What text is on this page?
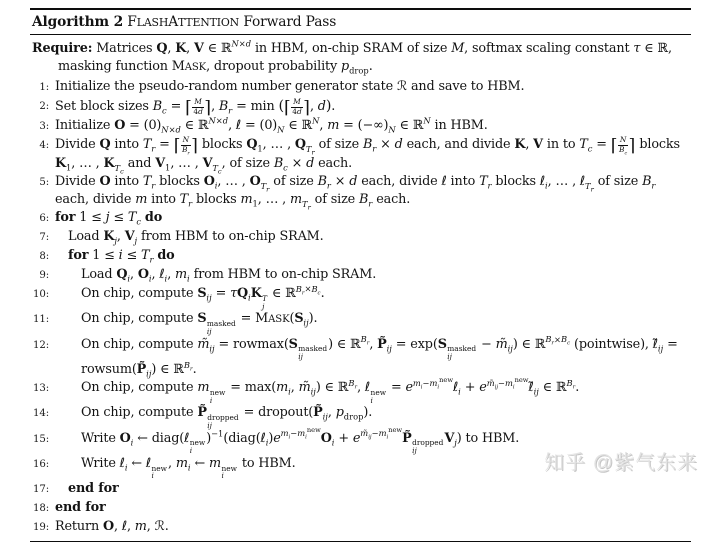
Algorithm 2 FLASHATTENTION Forward Pass
Require: Matrices Q, K, V ∈ ℝ$^{N\times d}$ in HBM, on-chip SRAM of size M, softmax scaling constant τ ∈ ℝ, masking function MASK, dropout probability $p_{drop}$.
1: Initialize the pseudo-random number generator state ℛ and save to HBM.
2: Set block sizes $B_c$ = ⌈ $\frac{M}{4d}$ ⌉, $B_r = \min$ (⌈ $\frac{M}{4d}$ ⌉, d).
3: Initialize $O = (0)_{N\times d}$ ∈ ℝ$^{N\times d}$, ℓ = $(0)_N$ ∈ ℝ$^N$, $m = (-\infty)_N$ ∈ ℝ$^N$ in HBM.
4: Divide Q into $T_r$ = ⌈ $\frac{N}{B_r}$ ⌉ blocks $Q_1$, … , $Q_{T_r}$ of size $B_r \times d$ each, and divide K, V in to $T_c$ = ⌈ $\frac{N}{B_c}$ ⌉ blocks $K_1$, … , $K_{T_c}$ and $V_1$, … , $V_{T_c}$, of size $B_c \times d$ each.
5: Divide O into $T_r$ blocks $O_i$, … , $O_{T_r}$ of size $B_r \times d$ each, divide ℓ into $T_r$ blocks ℓ$_i$, … , ℓ$_{T_r}$ of size $B_r$ each, divide m into $T_r$ blocks $m_1$, … , $m_{T_r}$ of size $B_r$ each.
6: for $1 \le j \le T_c$ do
7:	Load $K_j$, $V_j$ from HBM to on-chip SRAM.
8:	for $1 \le i \le T_r$ do
9:	Load $Q_i$, $O_i$, ℓ$_i$, $m_i$ from HBM to on-chip SRAM.
10:	On chip, compute $S_{ij} = \tau Q_iK$ T
j
∈ ℝ$^{B_r\times B_c}$.
11:	On chip, compute S masked
ij
= $MASK(S_{ij})$.
12:	On chip, compute $m̃_{ij} = rowmax(S$ masked
ij
) ∈ ℝ$^{B_r}$, $P̃_{ij} = \exp(S$ masked
ij
− $m̃_{ij}$) ∈ ℝ$^{B_r\times B_c}$ (pointwise), $\ell̃_{ij}$ = $rowsum(P̃_{ij})$ ∈ ℝ$^{B_r}$.
13:	On chip, compute m new
i
= $\max(m_i$, $m̃_{ij}$) ∈ ℝ$^{B_r}$, ℓ new
i
= $e^{m_i-m_i^{new}}\ell_i$ + $e^{m̃_{ij}-m_i^{new}}\ell̃_{ij}$ ∈ ℝ$^{B_r}$.
14:	On chip, compute P̃ dropped
ij
= $dropout(P̃_{ij}$, $p_{drop}$).
15:	Write $O_i$ ← diag(ℓ new
i
)$^{-1}(diag(\ell_i)e^{m_i-m_i^{new}}O_i$ + $e^{m̃_{ij}-m_i^{new}}P̃$ dropped
ij
$V_j$) to HBM.
16:	Write ℓ$_i$ ← ℓ new
i
, $m_i$ ← m new
i
to HBM.
17:	end for
18: end for
19: Return O, ℓ, m, ℛ.
知乎 @紫气东来
